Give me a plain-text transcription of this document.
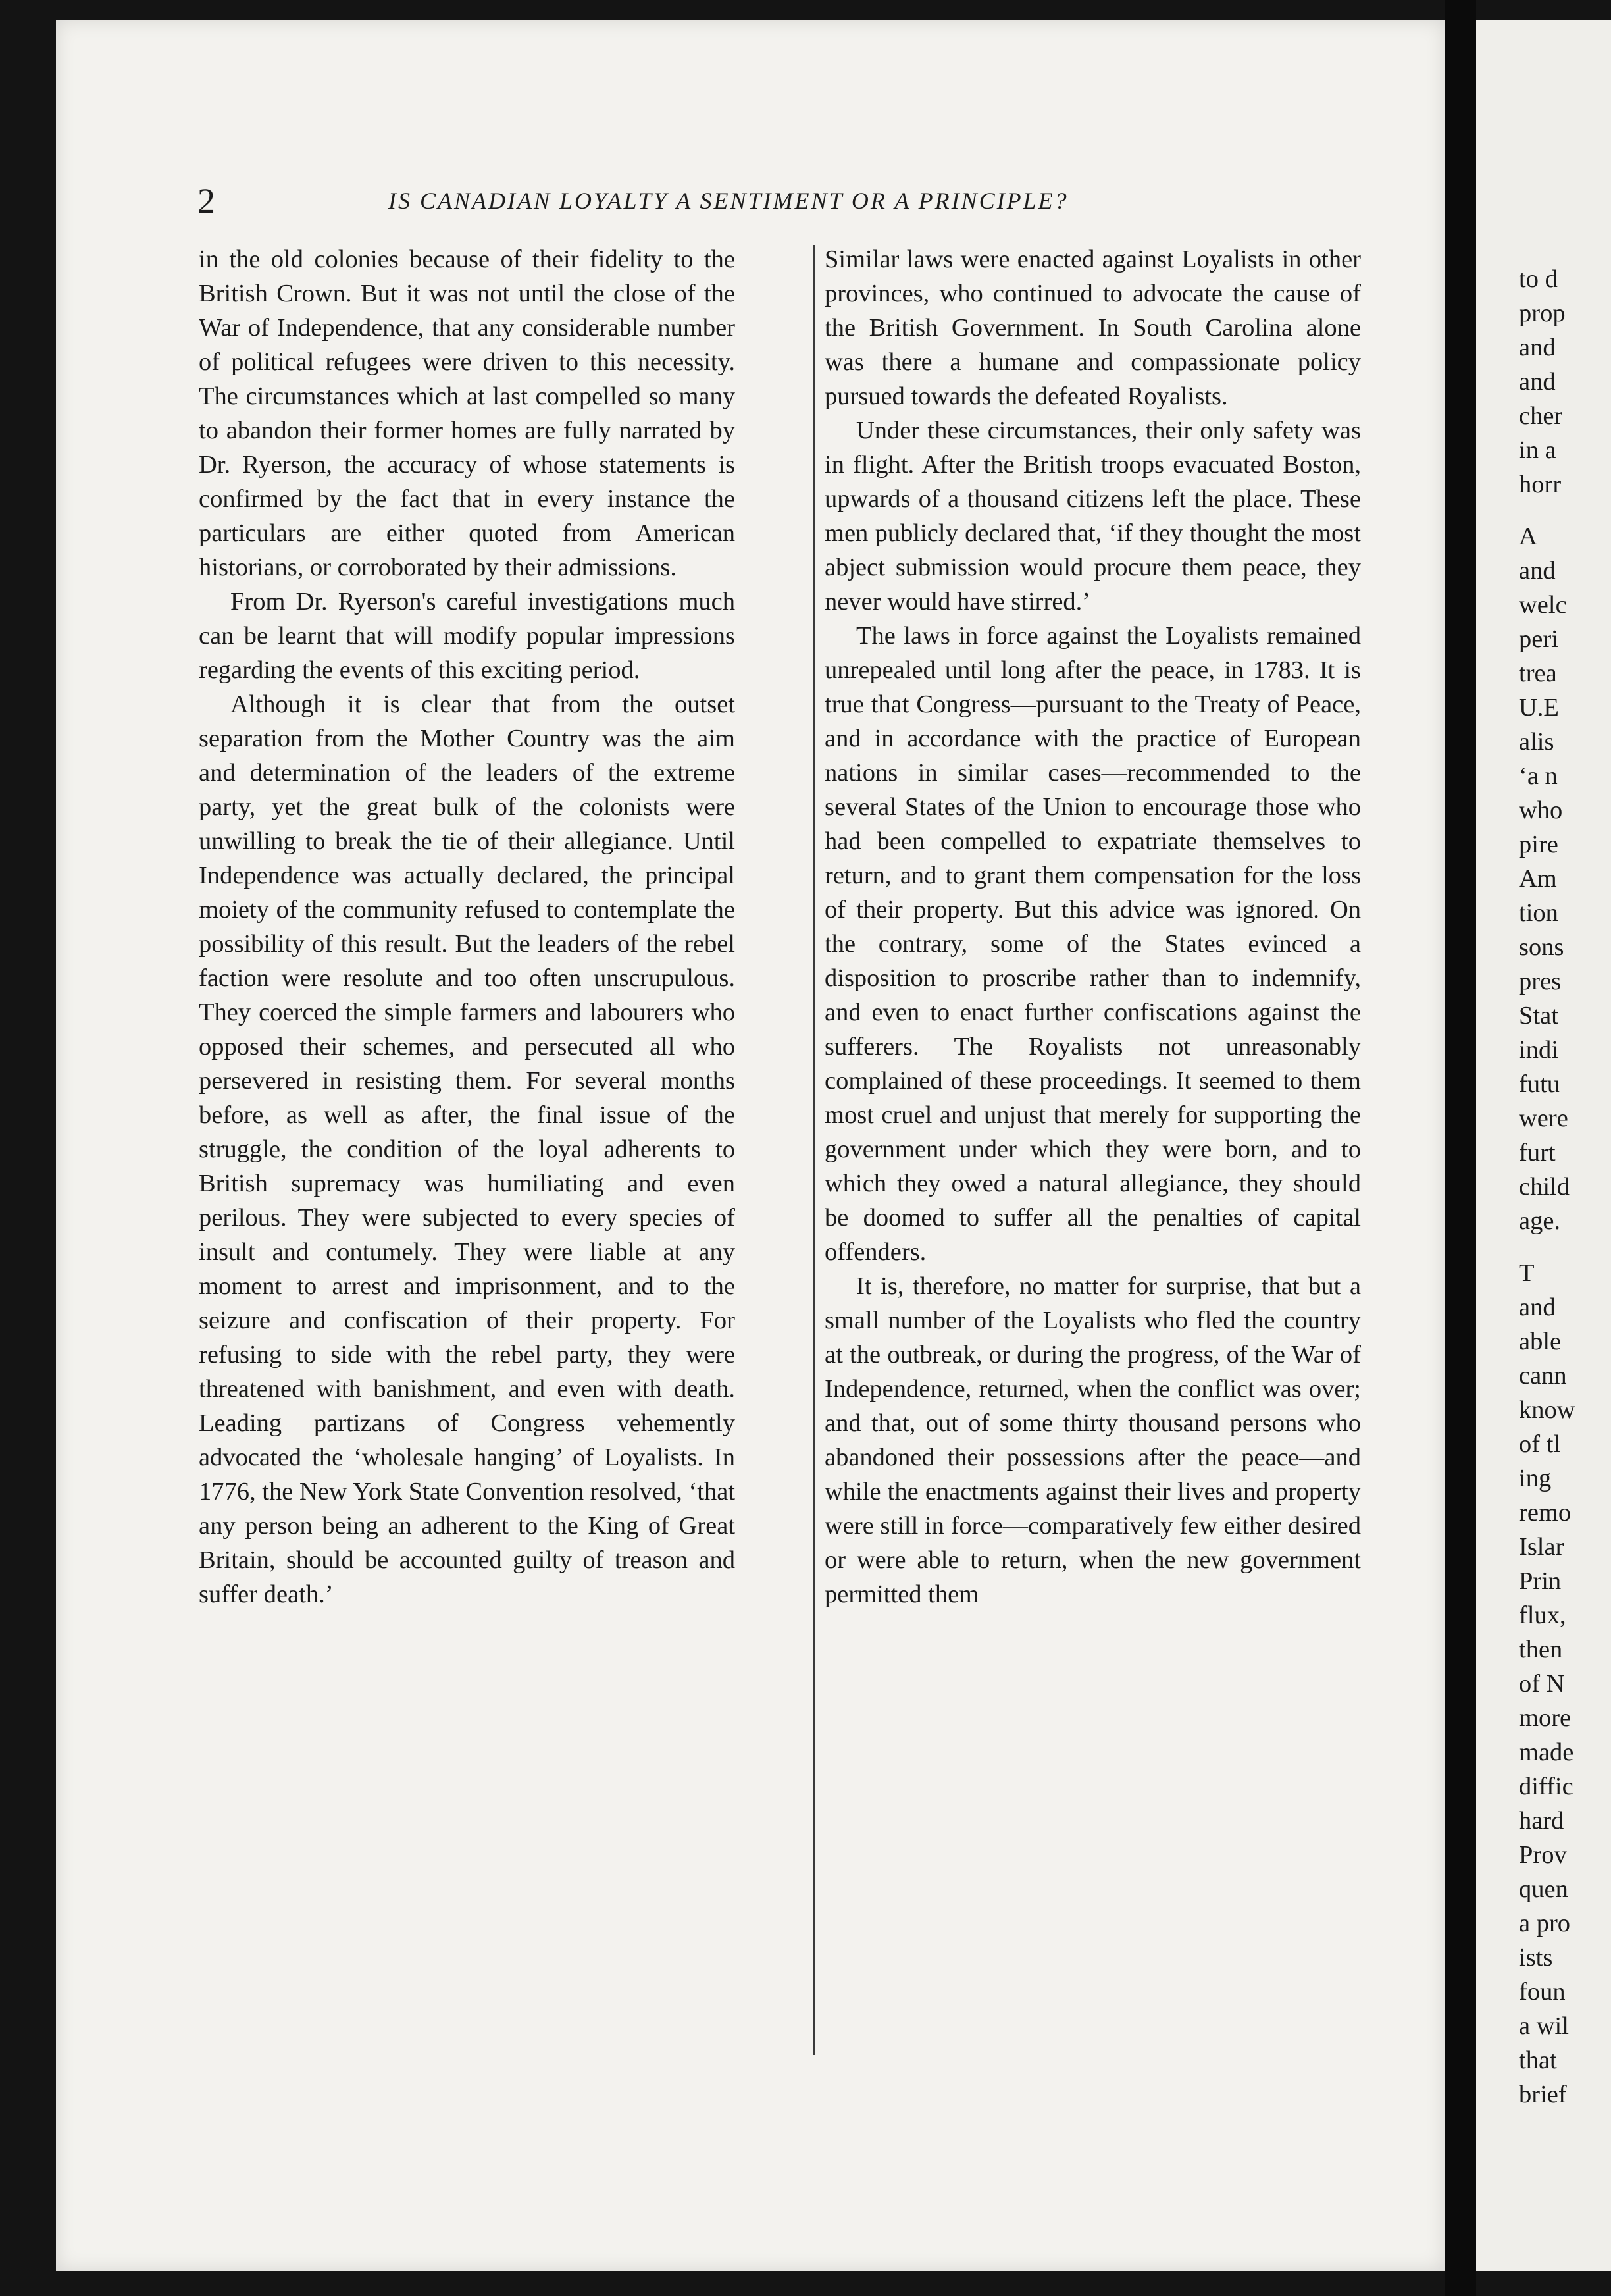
to d
prop
and
and
cher
in a
horr
A
and
welc
peri
trea
U.E
alis
‘a n
who
pire
Am
tion
sons
pres
Stat
indi
futu
were
furt
child
age.
T
and
able
cann
know
of tl
ing
remo
Islar
Prin
flux,
then
of N
more
made
diffic
hard
Prov
quen
a pro
ists
foun
a wil
that
brief
2	IS CANADIAN LOYALTY A SENTIMENT OR A PRINCIPLE?

in the old colonies because of their fidelity to the British Crown. But it was not until the close of the War of Independence, that any considerable number of political refugees were driven to this necessity. The circumstances which at last compelled so many to abandon their former homes are fully narrated by Dr. Ryerson, the accuracy of whose statements is confirmed by the fact that in every instance the particulars are either quoted from American historians, or corroborated by their admissions.

From Dr. Ryerson's careful investigations much can be learnt that will modify popular impressions regarding the events of this exciting period.

Although it is clear that from the outset separation from the Mother Country was the aim and determination of the leaders of the extreme party, yet the great bulk of the colonists were unwilling to break the tie of their allegiance. Until Independence was actually declared, the principal moiety of the community refused to contemplate the possibility of this result. But the leaders of the rebel faction were resolute and too often unscrupulous. They coerced the simple farmers and labourers who opposed their schemes, and persecuted all who persevered in resisting them. For several months before, as well as after, the final issue of the struggle, the condition of the loyal adherents to British supremacy was humiliating and even perilous. They were subjected to every species of insult and contumely. They were liable at any moment to arrest and imprisonment, and to the seizure and confiscation of their property. For refusing to side with the rebel party, they were threatened with banishment, and even with death. Leading partizans of Congress vehemently advocated the ‘wholesale hanging’ of Loyalists. In 1776, the New York State Convention resolved, ‘that any person being an adherent to the King of Great Britain, should be accounted guilty of treason and suffer death.’

Similar laws were enacted against Loyalists in other provinces, who continued to advocate the cause of the British Government. In South Carolina alone was there a humane and compassionate policy pursued towards the defeated Royalists.

Under these circumstances, their only safety was in flight. After the British troops evacuated Boston, upwards of a thousand citizens left the place. These men publicly declared that, ‘if they thought the most abject submission would procure them peace, they never would have stirred.’

The laws in force against the Loyalists remained unrepealed until long after the peace, in 1783. It is true that Congress—pursuant to the Treaty of Peace, and in accordance with the practice of European nations in similar cases—recommended to the several States of the Union to encourage those who had been compelled to expatriate themselves to return, and to grant them compensation for the loss of their property. But this advice was ignored. On the contrary, some of the States evinced a disposition to proscribe rather than to indemnify, and even to enact further confiscations against the sufferers. The Royalists not unreasonably complained of these proceedings. It seemed to them most cruel and unjust that merely for supporting the government under which they were born, and to which they owed a natural allegiance, they should be doomed to suffer all the penalties of capital offenders.

It is, therefore, no matter for surprise, that but a small number of the Loyalists who fled the country at the outbreak, or during the progress, of the War of Independence, returned, when the conflict was over; and that, out of some thirty thousand persons who abandoned their possessions after the peace—and while the enactments against their lives and property were still in force—comparatively few either desired or were able to return, when the new government permitted them
